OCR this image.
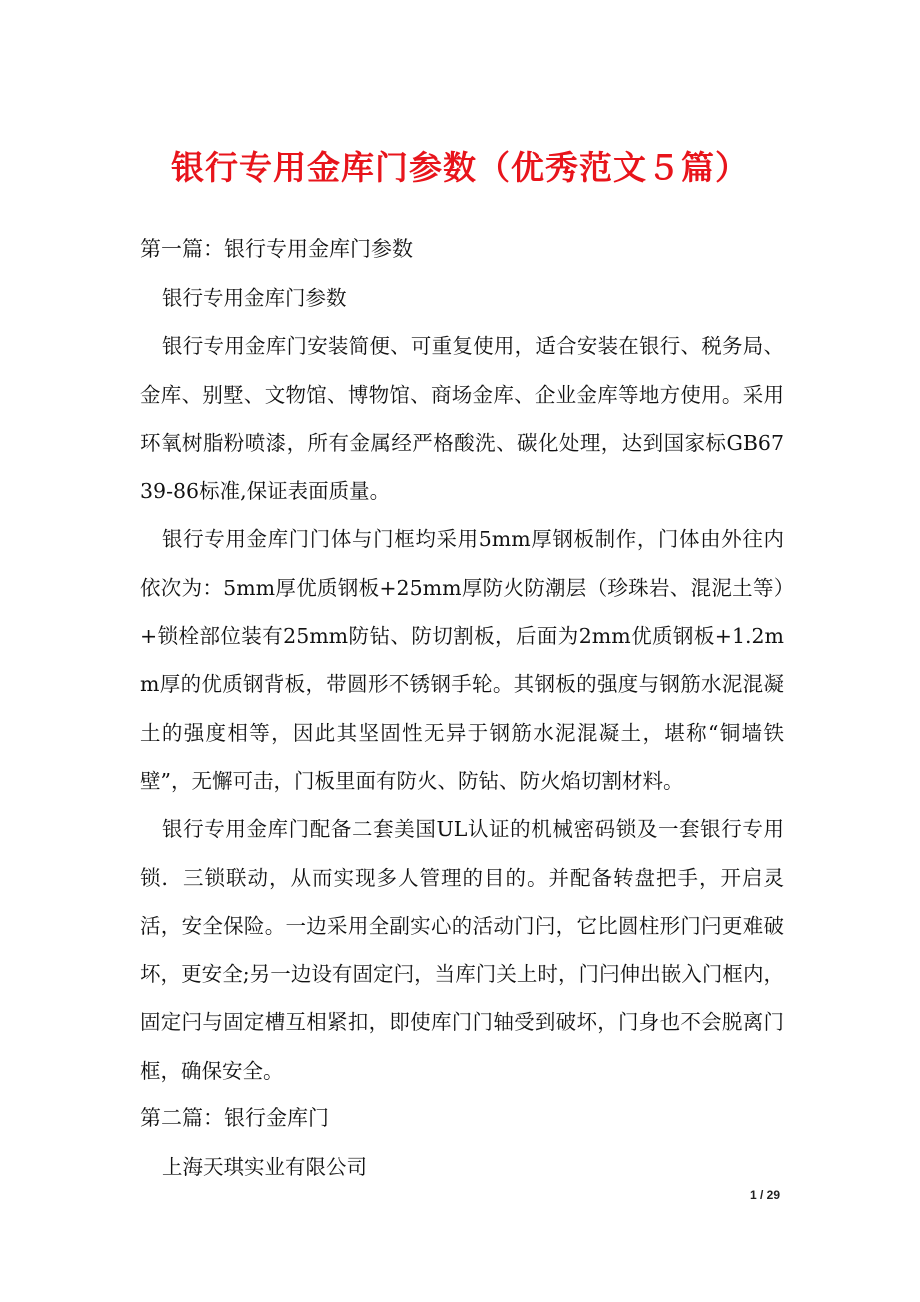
银行专用金库门参数（优秀范文５篇）
第一篇：银行专用金库门参数

银行专用金库门参数

银行专用金库门安装简便、可重复使用，适合安装在银行、税务局、金库、别墅、文物馆、博物馆、商场金库、企业金库等地方使用。采用环氧树脂粉喷漆，所有金属经严格酸洗、碳化处理，达到国家标GB6739-86标准,保证表面质量。

银行专用金库门门体与门框均采用5mm厚钢板制作，门体由外往内依次为：5mm厚优质钢板+25mm厚防火防潮层（珍珠岩、混泥土等）+锁栓部位装有25mm防钻、防切割板，后面为2mm优质钢板+1.2mm厚的优质钢背板，带圆形不锈钢手轮。其钢板的强度与钢筋水泥混凝土的强度相等，因此其坚固性无异于钢筋水泥混凝土，堪称“铜墙铁壁”，无懈可击，门板里面有防火、防钻、防火焰切割材料。

银行专用金库门配备二套美国UL认证的机械密码锁及一套银行专用锁．三锁联动，从而实现多人管理的目的。并配备转盘把手，开启灵活，安全保险。一边采用全副实心的活动门闩，它比圆柱形门闩更难破坏，更安全;另一边设有固定闩，当库门关上时，门闩伸出嵌入门框内，固定闩与固定槽互相紧扣，即使库门门轴受到破坏，门身也不会脱离门框，确保安全。

第二篇：银行金库门

上海天琪实业有限公司

1 / 29
